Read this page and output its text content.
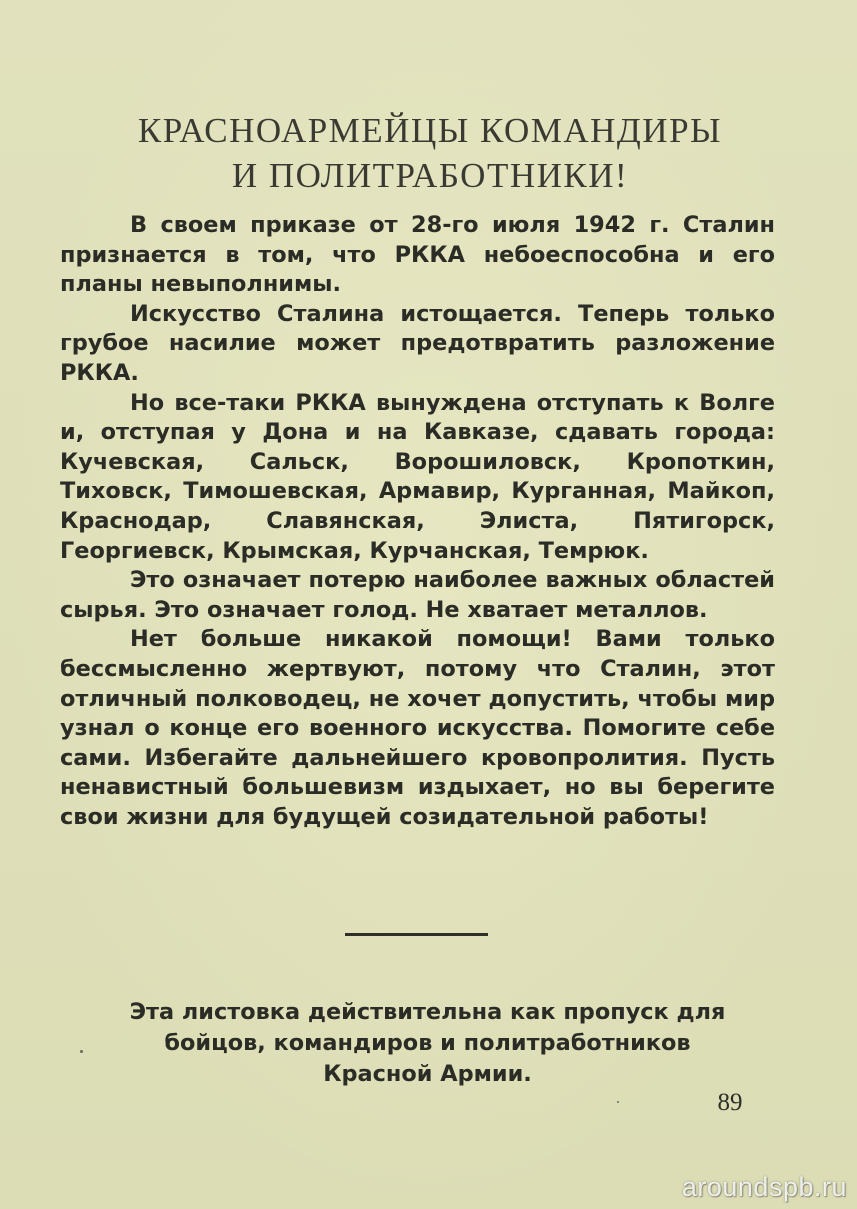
КРАСНОАРМЕЙЦЫ КОМАНДИРЫ
И ПОЛИТРАБОТНИКИ!

В своем приказе от 28-го июля 1942 г. Сталин признается в том, что РККА небоеспособна и его планы невыполнимы.

Искусство Сталина истощается. Теперь только грубое насилие может предотвратить разложение РККА.

Но все-таки РККА вынуждена отступать к Волге и, отступая у Дона и на Кавказе, сдавать города: Кучевская, Сальск, Ворошиловск, Кропоткин, Тиховск, Тимошевская, Армавир, Курганная, Майкоп, Краснодар, Славянская, Элиста, Пятигорск, Георгиевск, Крымская, Курчанская, Темрюк.

Это означает потерю наиболее важных областей сырья. Это означает голод. Не хватает металлов.

Нет больше никакой помощи! Вами только бессмысленно жертвуют, потому что Сталин, этот отличный полководец, не хочет допустить, чтобы мир узнал о конце его военного искусства. Помогите себе сами. Избегайте дальнейшего кровопролития. Пусть ненавистный большевизм издыхает, но вы берегите свои жизни для будущей созидательной работы!

Эта листовка действительна как пропуск для
бойцов, командиров и политработников
Красной Армии.
89
aroundspb.ru
